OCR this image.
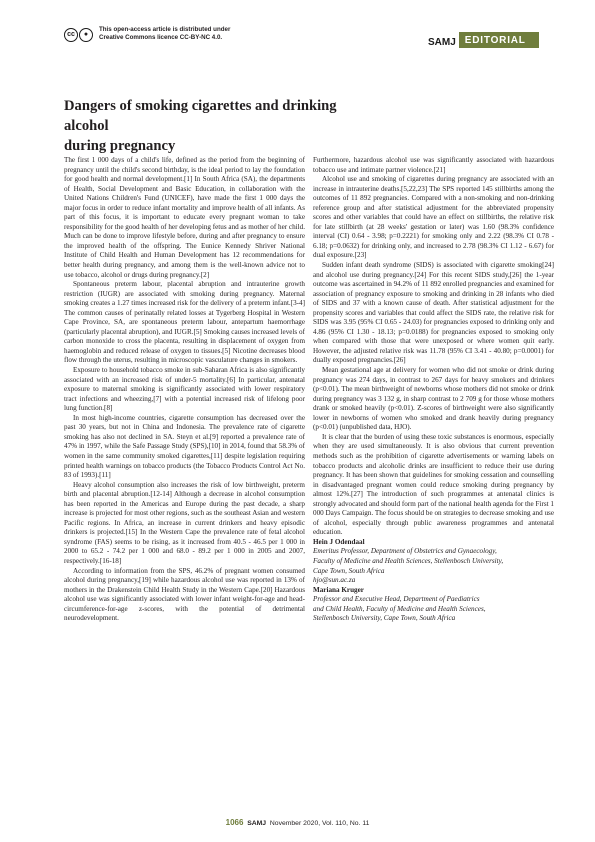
cc	●
This open-access article is distributed under
Creative Commons licence CC-BY-NC 4.0.	SAMJ EDITORIAL
Dangers of smoking cigarettes and drinking alcohol
during pregnancy

The first 1 000 days of a child's life, defined as the period from the beginning of pregnancy until the child's second birthday, is the ideal period to lay the foundation for good health and normal development.[1] In South Africa (SA), the departments of Health, Social Development and Basic Education, in collaboration with the United Nations Children's Fund (UNICEF), have made the first 1 000 days the major focus in order to reduce infant mortality and improve health of all infants. As part of this focus, it is important to educate every pregnant woman to take responsibility for the good health of her developing fetus and as mother of her child. Much can be done to improve lifestyle before, during and after pregnancy to ensure the improved health of the offspring. The Eunice Kennedy Shriver National Institute of Child Health and Human Development has 12 recommendations for better health during pregnancy, and among them is the well-known advice not to use tobacco, alcohol or drugs during pregnancy.[2]

Spontaneous preterm labour, placental abruption and intrauterine growth restriction (IUGR) are associated with smoking during pregnancy. Maternal smoking creates a 1.27 times increased risk for the delivery of a preterm infant.[3-4] The common causes of perinatally related losses at Tygerberg Hospital in Western Cape Province, SA, are spontaneous preterm labour, antepartum haemorrhage (particularly placental abruption), and IUGR.[5] Smoking causes increased levels of carbon monoxide to cross the placenta, resulting in displacement of oxygen from haemoglobin and reduced release of oxygen to tissues.[5] Nicotine decreases blood flow through the uterus, resulting in microscopic vasculature changes in smokers.

Exposure to household tobacco smoke in sub-Saharan Africa is also significantly associated with an increased risk of under-5 mortality.[6] In particular, antenatal exposure to maternal smoking is significantly associated with lower respiratory tract infections and wheezing,[7] with a potential increased risk of lifelong poor lung function.[8]

In most high-income countries, cigarette consumption has decreased over the past 30 years, but not in China and Indonesia. The prevalence rate of cigarette smoking has also not declined in SA. Steyn et al.[9] reported a prevalence rate of 47% in 1997, while the Safe Passage Study (SPS),[10] in 2014, found that 58.3% of women in the same community smoked cigarettes,[11] despite legislation requiring printed health warnings on tobacco products (the Tobacco Products Control Act No. 83 of 1993).[11]

Heavy alcohol consumption also increases the risk of low birthweight, preterm birth and placental abruption.[12-14] Although a decrease in alcohol consumption has been reported in the Americas and Europe during the past decade, a sharp increase is projected for most other regions, such as the southeast Asian and western Pacific regions. In Africa, an increase in current drinkers and heavy episodic drinkers is projected.[15] In the Western Cape the prevalence rate of fetal alcohol syndrome (FAS) seems to be rising, as it increased from 40.5 - 46.5 per 1 000 in 2000 to 65.2 - 74.2 per 1 000 and 68.0 - 89.2 per 1 000 in 2005 and 2007, respectively.[16-18]

According to information from the SPS, 46.2% of pregnant women consumed alcohol during pregnancy,[19] while hazardous alcohol use was reported in 13% of mothers in the Drakenstein Child Health Study in the Western Cape.[20] Hazardous alcohol use was significantly associated with lower infant weight-for-age and head-circumference-for-age z-scores, with the potential of detrimental neurodevelopment.

Furthermore, hazardous alcohol use was significantly associated with hazardous tobacco use and intimate partner violence.[21]

Alcohol use and smoking of cigarettes during pregnancy are associated with an increase in intrauterine deaths.[5,22,23] The SPS reported 145 stillbirths among the outcomes of 11 892 pregnancies. Compared with a non-smoking and non-drinking reference group and after statistical adjustment for the abbreviated propensity scores and other variables that could have an effect on stillbirths, the relative risk for late stillbirth (at 28 weeks' gestation or later) was 1.60 (98.3% confidence interval (CI) 0.64 - 3.98; p=0.2221) for smoking only and 2.22 (98.3% CI 0.78 - 6.18; p=0.0632) for drinking only, and increased to 2.78 (98.3% CI 1.12 - 6.67) for dual exposure.[23]

Sudden infant death syndrome (SIDS) is associated with cigarette smoking[24] and alcohol use during pregnancy.[24] For this recent SIDS study,[26] the 1-year outcome was ascertained in 94.2% of 11 892 enrolled pregnancies and examined for association of pregnancy exposure to smoking and drinking in 28 infants who died of SIDS and 37 with a known cause of death. After statistical adjustment for the propensity scores and variables that could affect the SIDS rate, the relative risk for SIDS was 3.95 (95% CI 0.65 - 24.03) for pregnancies exposed to drinking only and 4.86 (95% CI 1.30 - 18.13; p=0.0188) for pregnancies exposed to smoking only when compared with those that were unexposed or where women quit early. However, the adjusted relative risk was 11.78 (95% CI 3.41 - 40.80; p=0.0001) for dually exposed pregnancies.[26]

Mean gestational age at delivery for women who did not smoke or drink during pregnancy was 274 days, in contrast to 267 days for heavy smokers and drinkers (p<0.01). The mean birthweight of newborns whose mothers did not smoke or drink during pregnancy was 3 132 g, in sharp contrast to 2 709 g for those whose mothers drank or smoked heavily (p<0.01). Z-scores of birthweight were also significantly lower in newborns of women who smoked and drank heavily during pregnancy (p<0.01) (unpublished data, HJO).

It is clear that the burden of using these toxic substances is enormous, especially when they are used simultaneously. It is also obvious that current prevention methods such as the prohibition of cigarette advertisements or warning labels on tobacco products and alcoholic drinks are insufficient to reduce their use during pregnancy. It has been shown that guidelines for smoking cessation and counselling in disadvantaged pregnant women could reduce smoking during pregnancy by almost 12%.[27] The introduction of such programmes at antenatal clinics is strongly advocated and should form part of the national health agenda for the First 1 000 Days Campaign. The focus should be on strategies to decrease smoking and use of alcohol, especially through public awareness programmes and antenatal education.

Hein J Odendaal
Emeritus Professor, Department of Obstetrics and Gynaecology,
Faculty of Medicine and Health Sciences, Stellenbosch University,
Cape Town, South Africa
hjo@sun.ac.za

Mariana Kruger
Professor and Executive Head, Department of Paediatrics
and Child Health, Faculty of Medicine and Health Sciences,
Stellenbosch University, Cape Town, South Africa

1066 SAMJ November 2020, Vol. 110, No. 11
